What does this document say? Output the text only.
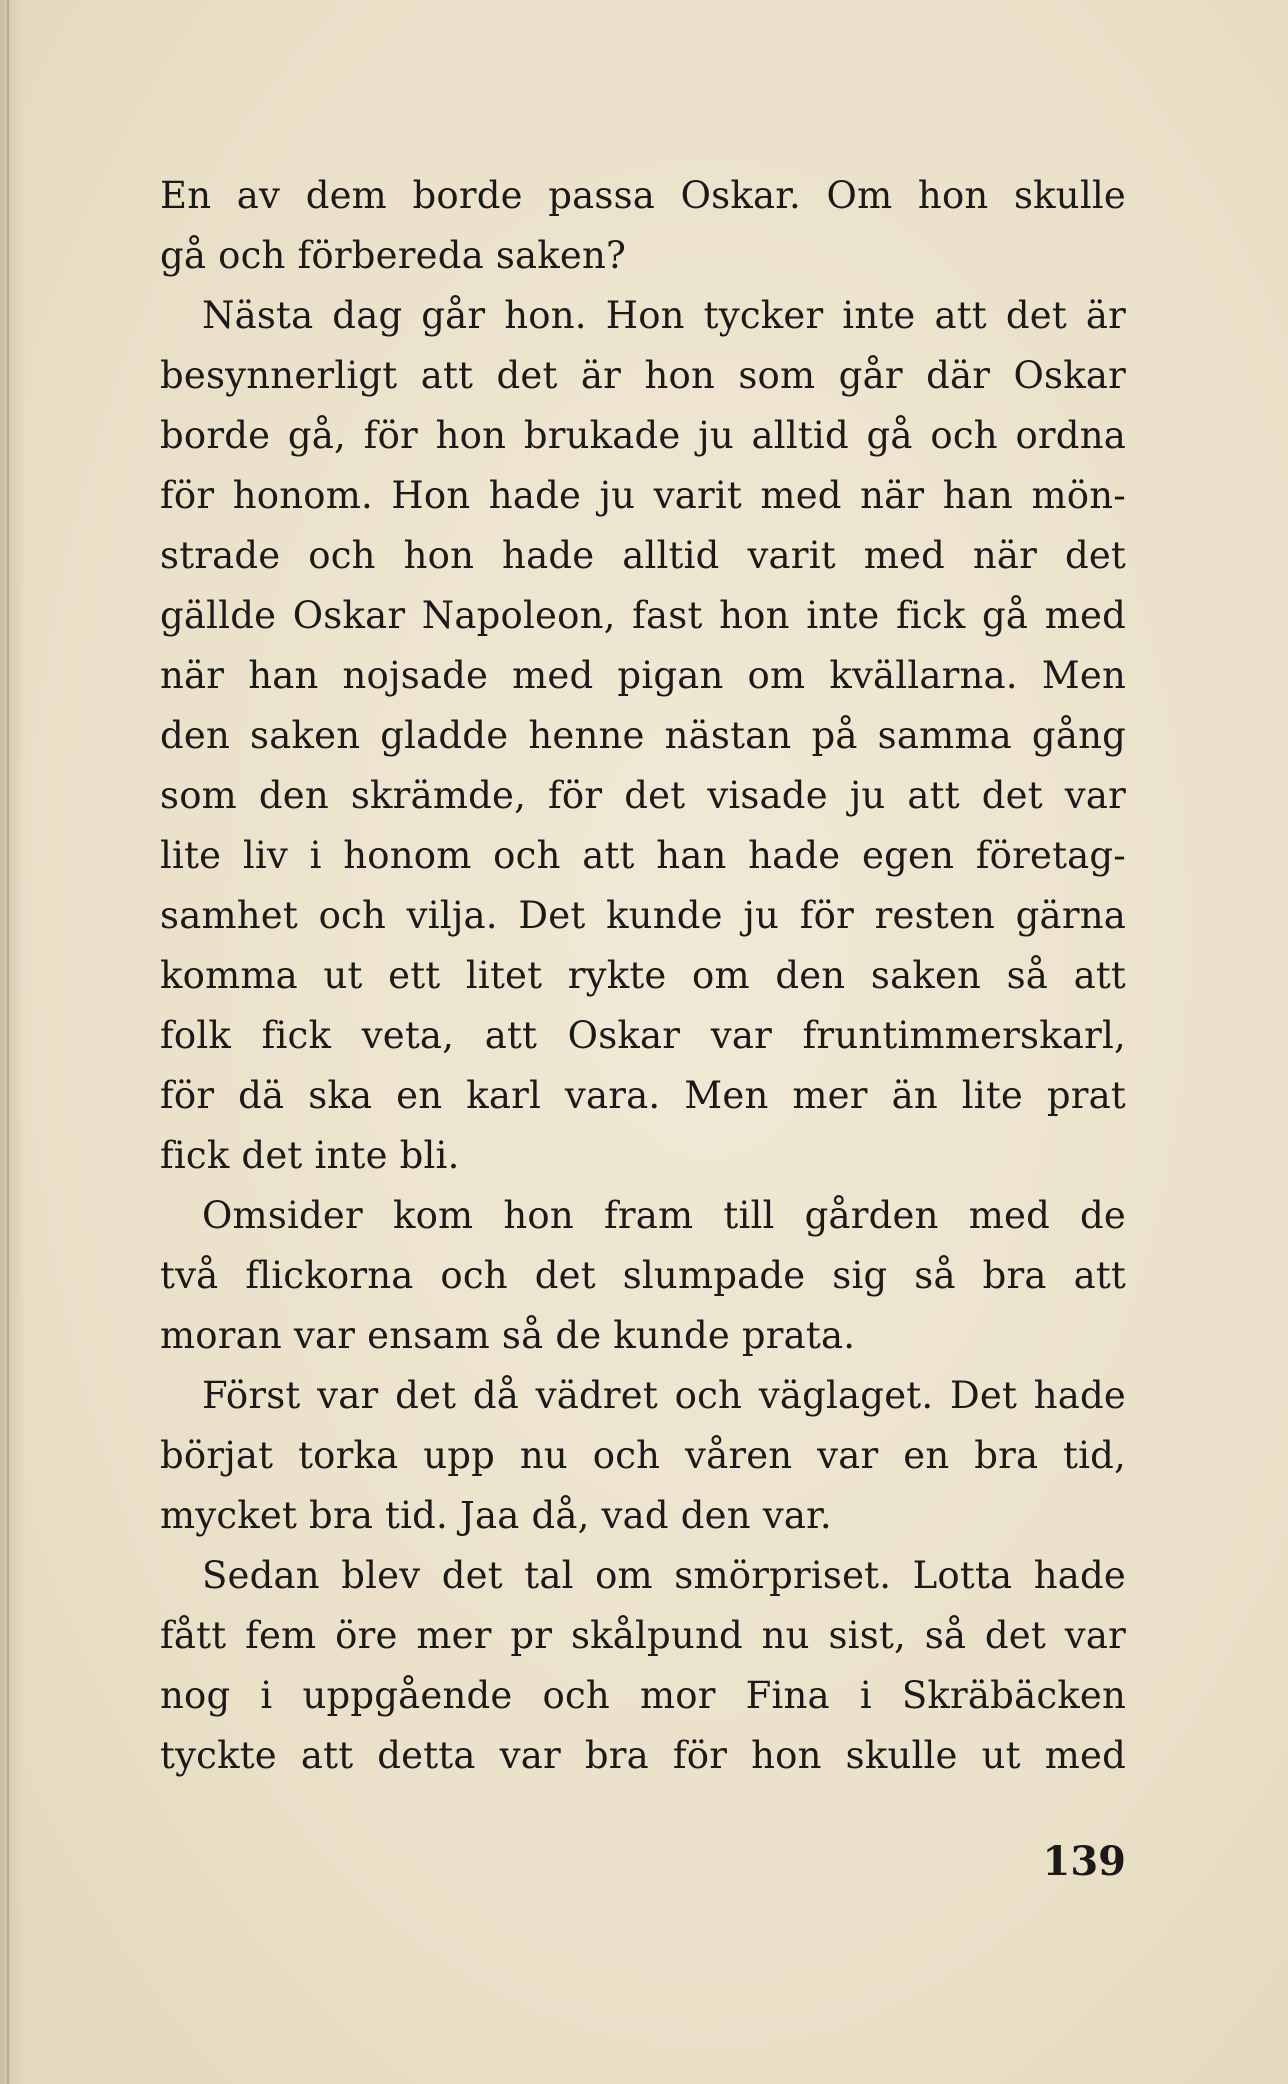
En av dem borde passa Oskar. Om hon skulle
gå och förbereda saken?
Nästa dag går hon. Hon tycker inte att det är
besynnerligt att det är hon som går där Oskar
borde gå, för hon brukade ju alltid gå och ordna
för honom. Hon hade ju varit med när han mön-
strade och hon hade alltid varit med när det
gällde Oskar Napoleon, fast hon inte fick gå med
när han nojsade med pigan om kvällarna. Men
den saken gladde henne nästan på samma gång
som den skrämde, för det visade ju att det var
lite liv i honom och att han hade egen företag-
samhet och vilja. Det kunde ju för resten gärna
komma ut ett litet rykte om den saken så att
folk fick veta, att Oskar var fruntimmerskarl,
för dä ska en karl vara. Men mer än lite prat
fick det inte bli.
Omsider kom hon fram till gården med de
två flickorna och det slumpade sig så bra att
moran var ensam så de kunde prata.
Först var det då vädret och väglaget. Det hade
börjat torka upp nu och våren var en bra tid,
mycket bra tid. Jaa då, vad den var.
Sedan blev det tal om smörpriset. Lotta hade
fått fem öre mer pr skålpund nu sist, så det var
nog i uppgående och mor Fina i Skräbäcken
tyckte att detta var bra för hon skulle ut med
139
